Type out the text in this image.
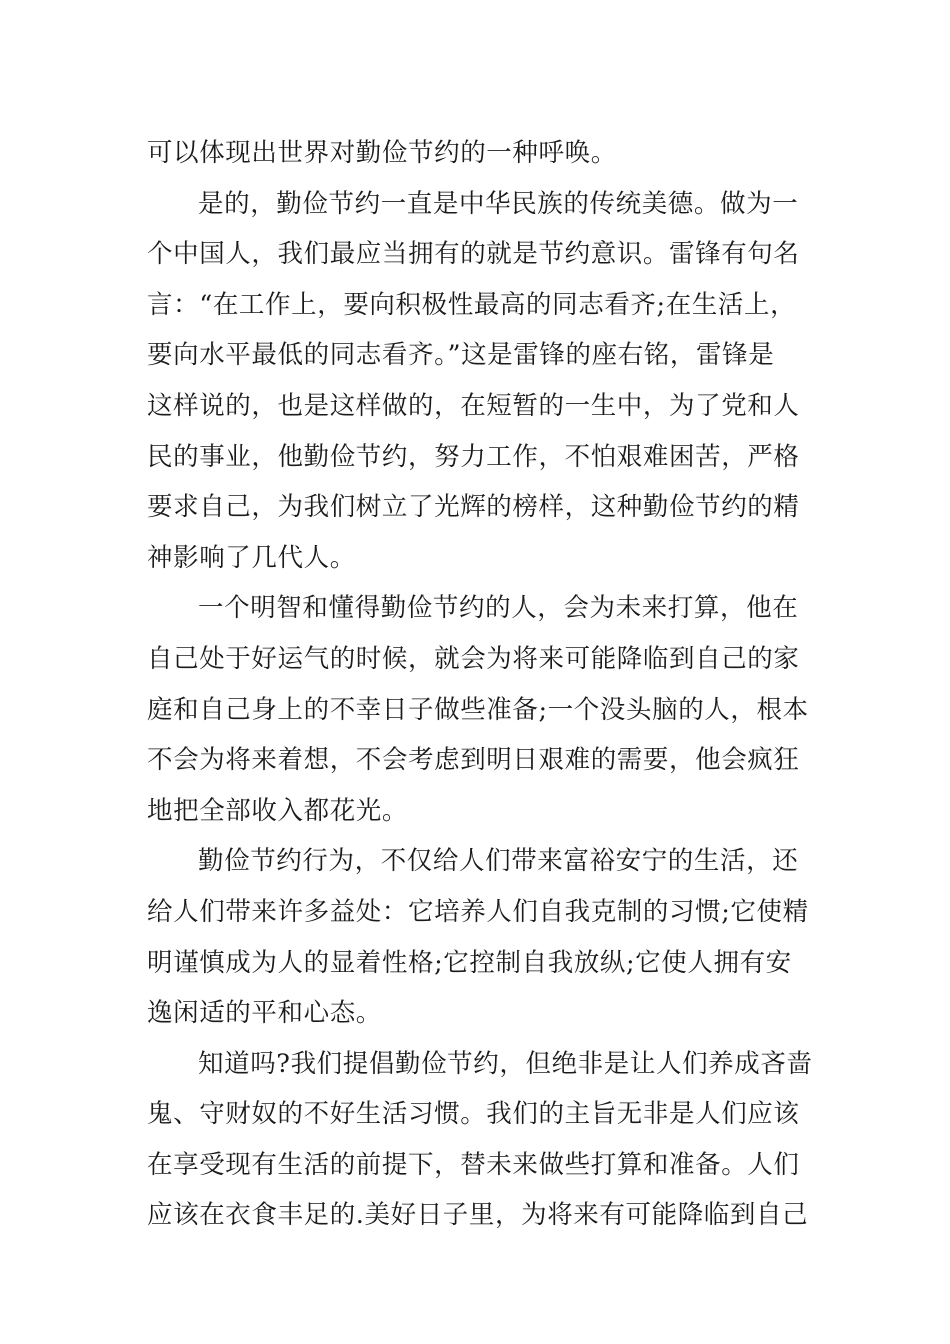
可以体现出世界对勤俭节约的一种呼唤。
是的，勤俭节约一直是中华民族的传统美德。做为一
个中国人，我们最应当拥有的就是节约意识。雷锋有句名
言：“在工作上，要向积极性最高的同志看齐;在生活上，
要向水平最低的同志看齐。”这是雷锋的座右铭，雷锋是
这样说的，也是这样做的，在短暂的一生中，为了党和人
民的事业，他勤俭节约，努力工作，不怕艰难困苦，严格
要求自己，为我们树立了光辉的榜样，这种勤俭节约的精
神影响了几代人。
一个明智和懂得勤俭节约的人，会为未来打算，他在
自己处于好运气的时候，就会为将来可能降临到自己的家
庭和自己身上的不幸日子做些准备;一个没头脑的人，根本
不会为将来着想，不会考虑到明日艰难的需要，他会疯狂
地把全部收入都花光。
勤俭节约行为，不仅给人们带来富裕安宁的生活，还
给人们带来许多益处：它培养人们自我克制的习惯;它使精
明谨慎成为人的显着性格;它控制自我放纵;它使人拥有安
逸闲适的平和心态。
知道吗?我们提倡勤俭节约，但绝非是让人们养成吝啬
鬼、守财奴的不好生活习惯。我们的主旨无非是人们应该
在享受现有生活的前提下，替未来做些打算和准备。人们
应该在衣食丰足的.美好日子里，为将来有可能降临到自己
